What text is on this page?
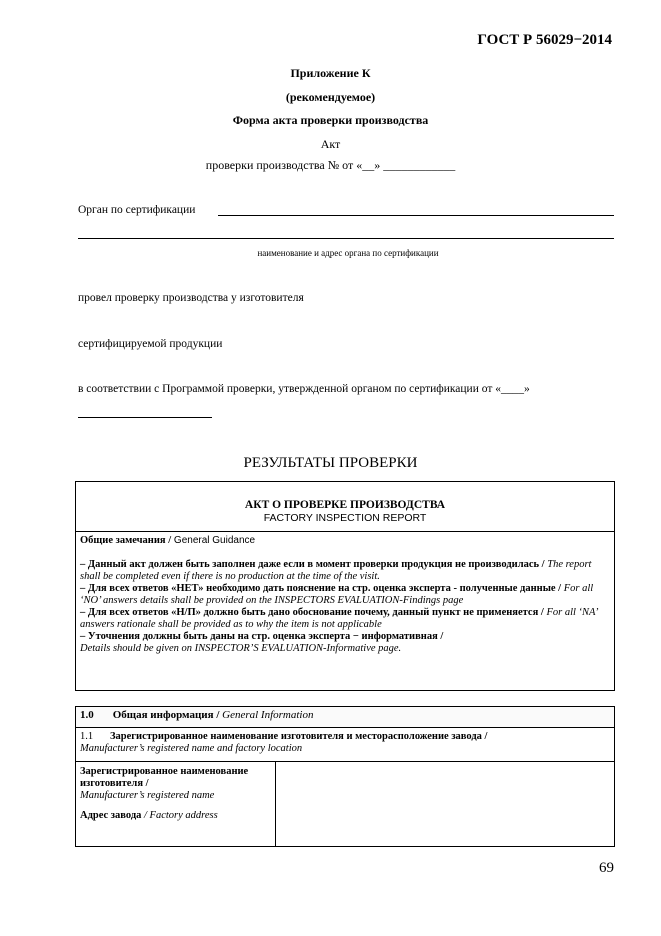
ГОСТ Р 56029−2014
Приложение К
(рекомендуемое)
Форма акта проверки производства
Акт
проверки производства № от «__» ____________
Орган по сертификации
наименование и адрес органа по сертификации
провел проверку производства у изготовителя
сертифицируемой продукции
в соответствии с Программой проверки, утвержденной органом по сертификации от «____»
РЕЗУЛЬТАТЫ ПРОВЕРКИ
АКТ О ПРОВЕРКЕ ПРОИЗВОДСТВА
FACTORY INSPECTION REPORT

Общие замечания / General Guidance

– Данный акт должен быть заполнен даже если в момент проверки продукция не производилась / The report shall be completed even if there is no production at the time of the visit.

– Для всех ответов «НЕТ» необходимо дать пояснение на стр. оценка эксперта - полученные данные / For all ‘NO’ answers details shall be provided on the INSPECTORS EVALUATION-Findings page

– Для всех ответов «Н/П» должно быть дано обоснование почему, данный пункт не применяется / For all ‘NA’ answers rationale shall be provided as to why the item is not applicable

– Уточнения должны быть даны на стр. оценка эксперта − информативная /
Details should be given on INSPECTOR’S EVALUATION-Informative page.

1.0 Общая информация / General Information
1.1 Зарегистрированное наименование изготовителя и месторасположение завода /
Manufacturer’s registered name and factory location
Зарегистрированное наименование изготовителя /
Manufacturer’s registered name
Адрес завода / Factory address
69
